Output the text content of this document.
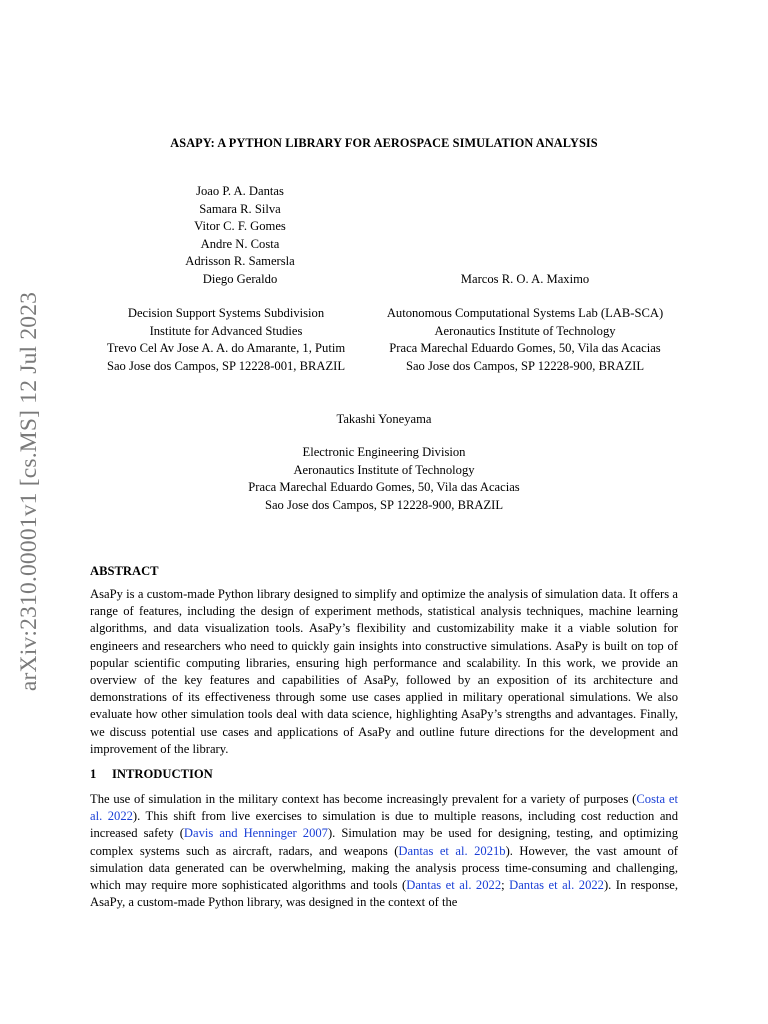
arXiv:2310.00001v1 [cs.MS] 12 Jul 2023
ASAPY: A PYTHON LIBRARY FOR AEROSPACE SIMULATION ANALYSIS
Joao P. A. Dantas
Samara R. Silva
Vitor C. F. Gomes
Andre N. Costa
Adrisson R. Samersla
Diego Geraldo	Marcos R. O. A. Maximo
Decision Support Systems Subdivision
Institute for Advanced Studies
Trevo Cel Av Jose A. A. do Amarante, 1, Putim
Sao Jose dos Campos, SP 12228-001, BRAZIL
Autonomous Computational Systems Lab (LAB-SCA)
Aeronautics Institute of Technology
Praca Marechal Eduardo Gomes, 50, Vila das Acacias
Sao Jose dos Campos, SP 12228-900, BRAZIL
Takashi Yoneyama
Electronic Engineering Division
Aeronautics Institute of Technology
Praca Marechal Eduardo Gomes, 50, Vila das Acacias
Sao Jose dos Campos, SP 12228-900, BRAZIL
ABSTRACT
AsaPy is a custom-made Python library designed to simplify and optimize the analysis of simulation data. It offers a range of features, including the design of experiment methods, statistical analysis techniques, machine learning algorithms, and data visualization tools. AsaPy’s flexibility and customizability make it a viable solution for engineers and researchers who need to quickly gain insights into constructive simulations. AsaPy is built on top of popular scientific computing libraries, ensuring high performance and scalability. In this work, we provide an overview of the key features and capabilities of AsaPy, followed by an exposition of its architecture and demonstrations of its effectiveness through some use cases applied in military operational simulations. We also evaluate how other simulation tools deal with data science, highlighting AsaPy’s strengths and advantages. Finally, we discuss potential use cases and applications of AsaPy and outline future directions for the development and improvement of the library.
1 INTRODUCTION
The use of simulation in the military context has become increasingly prevalent for a variety of purposes (Costa et al. 2022). This shift from live exercises to simulation is due to multiple reasons, including cost reduction and increased safety (Davis and Henninger 2007). Simulation may be used for designing, testing, and optimizing complex systems such as aircraft, radars, and weapons (Dantas et al. 2021b). However, the vast amount of simulation data generated can be overwhelming, making the analysis process time-consuming and challenging, which may require more sophisticated algorithms and tools (Dantas et al. 2022; Dantas et al. 2022). In response, AsaPy, a custom-made Python library, was designed in the context of the
